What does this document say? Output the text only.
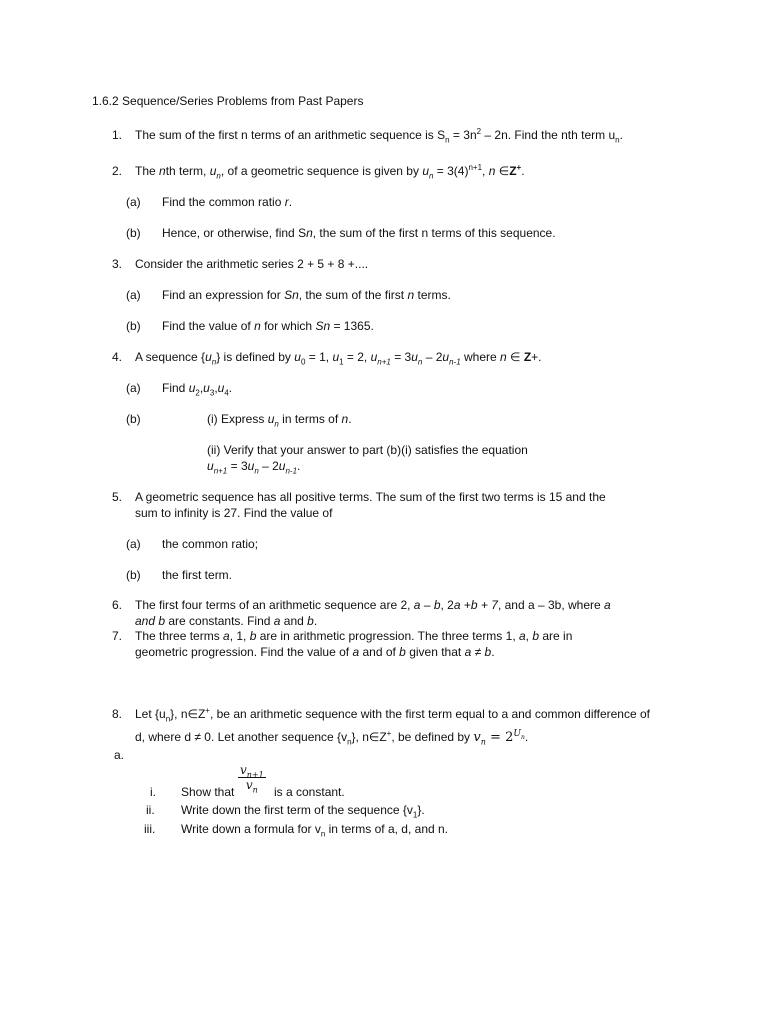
1.6.2 Sequence/Series Problems from Past Papers
1. The sum of the first n terms of an arithmetic sequence is $S_n = 3n^2 - 2n$. Find the nth term $u_n$.
2. The nth term, $u_n$, of a geometric sequence is given by $u_n = 3(4)^{n+1}$, n ∈Z+.
(a) Find the common ratio r.
(b) Hence, or otherwise, find Sn, the sum of the first n terms of this sequence.
3. Consider the arithmetic series 2 + 5 + 8 +....
(a) Find an expression for Sn, the sum of the first n terms.
(b) Find the value of n for which Sn = 1365.
4. A sequence $\{u_n\}$ is defined by $u_0 = 1$, $u_1 = 2$, $u_{n+1} = 3u_n - 2u_{n-1}$ where n ∈ Z+.
(a) Find $u_2,u_3,u_4$.
(b)	(i) Express $u_n$ in terms of n.
(ii) Verify that your answer to part (b)(i) satisfies the equation
$u_{n+1} = 3u_n - 2u_{n-1}$.
5. A geometric sequence has all positive terms. The sum of the first two terms is 15 and the
sum to infinity is 27. Find the value of
(a) the common ratio;
(b) the first term.
6. The first four terms of an arithmetic sequence are 2, a – b, 2a +b + 7, and a – 3b, where a
and b are constants. Find a and b.
7. The three terms a, 1, b are in arithmetic progression. The three terms 1, a, b are in
geometric progression. Find the value of a and of b given that a ≠ b.
8. Let $\{u_n\}$, n∈Z+, be an arithmetic sequence with the first term equal to a and common difference of
d, where d ≠ 0. Let another sequence $\{v_n\}$, n∈Z+, be defined by $v_n = 2^{U_n}$.
a.
$\frac{v_{n+1}}{v_n}$
i. Show that	is a constant.
ii. Write down the first term of the sequence $\{v_1\}$.
iii. Write down a formula for $v_n$ in terms of a, d, and n.
